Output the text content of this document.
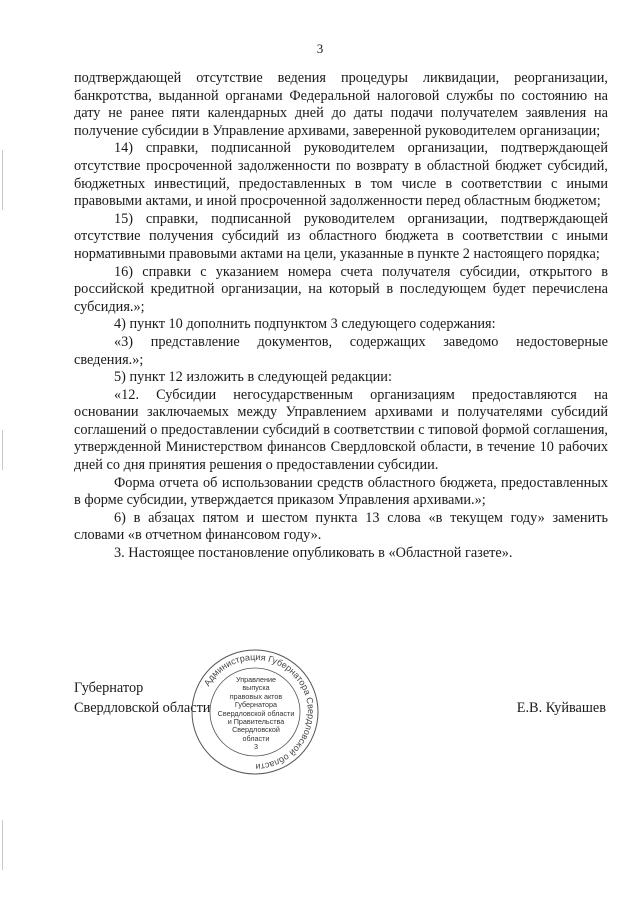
3

подтверждающей отсутствие ведения процедуры ликвидации, реорганизации, банкротства, выданной органами Федеральной налоговой службы по состоянию на дату не ранее пяти календарных дней до даты подачи получателем заявления на получение субсидии в Управление архивами, заверенной руководителем организации;

14) справки, подписанной руководителем организации, подтверждающей отсутствие просроченной задолженности по возврату в областной бюджет субсидий, бюджетных инвестиций, предоставленных в том числе в соответствии с иными правовыми актами, и иной просроченной задолженности перед областным бюджетом;

15) справки, подписанной руководителем организации, подтверждающей отсутствие получения субсидий из областного бюджета в соответствии с иными нормативными правовыми актами на цели, указанные в пункте 2 настоящего порядка;

16) справки с указанием номера счета получателя субсидии, открытого в российской кредитной организации, на который в последующем будет перечислена субсидия.»;

4) пункт 10 дополнить подпунктом 3 следующего содержания:

«3) представление документов, содержащих заведомо недостоверные сведения.»;

5) пункт 12 изложить в следующей редакции:

«12. Субсидии негосударственным организациям предоставляются на основании заключаемых между Управлением архивами и получателями субсидий соглашений о предоставлении субсидий в соответствии с типовой формой соглашения, утвержденной Министерством финансов Свердловской области, в течение 10 рабочих дней со дня принятия решения о предоставлении субсидии.

Форма отчета об использовании средств областного бюджета, предоставленных в форме субсидии, утверждается приказом Управления архивами.»;

6) в абзацах пятом и шестом пункта 13 слова «в текущем году» заменить словами «в отчетном финансовом году».

3. Настоящее постановление опубликовать в «Областной газете».

Губернатор
Свердловской области
Администрация Губернатора Свердловской области
Управление
выпуска
правовых актов
Губернатора
Свердловской области
и Правительства
Свердловской
области
3
Е.В. Куйвашев
